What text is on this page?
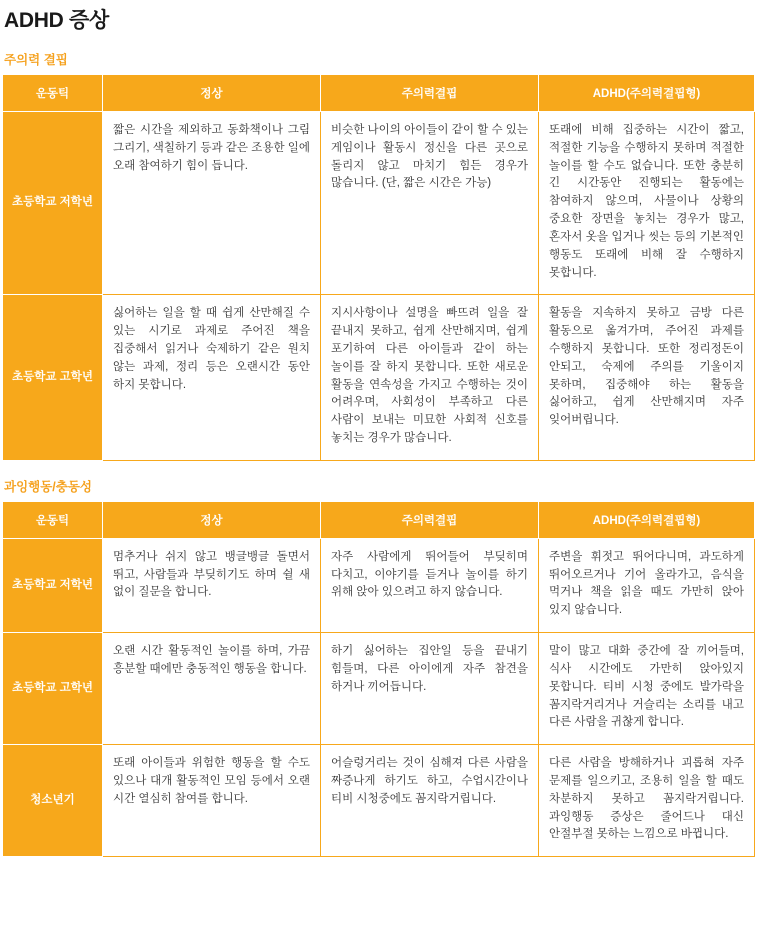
ADHD 증상
주의력 결핍
운동틱	정상	주의력결핍	ADHD(주의력결핍형)
초등학교 저학년	짧은 시간을 제외하고 동화책이나 그림 그리기, 색칠하기 등과 같은 조용한 일에 오래 참여하기 힘이 듭니다.	비슷한 나이의 아이들이 같이 할 수 있는 게임이나 활동시 정신을 다른 곳으로 돌리지 않고 마치기 힘든 경우가 많습니다. (단, 짧은 시간은 가능)	또래에 비해 집중하는 시간이 짧고, 적절한 기능을 수행하지 못하며 적절한 놀이를 할 수도 없습니다. 또한 충분히 긴 시간동안 진행되는 활동에는 참여하지 않으며, 사물이나 상황의 중요한 장면을 놓치는 경우가 많고, 혼자서 옷을 입거나 씻는 등의 기본적인 행동도 또래에 비해 잘 수행하지 못합니다.
초등학교 고학년	싫어하는 일을 할 때 쉽게 산만해질 수 있는 시기로 과제로 주어진 책을 집중해서 읽거나 숙제하기 같은 원치 않는 과제, 정리 등은 오랜시간 동안 하지 못합니다.	지시사항이나 설명을 빠뜨려 일을 잘 끝내지 못하고, 쉽게 산만해지며, 쉽게 포기하여 다른 아이들과 같이 하는 놀이를 잘 하지 못합니다. 또한 새로운 활동을 연속성을 가지고 수행하는 것이 어려우며, 사회성이 부족하고 다른 사람이 보내는 미묘한 사회적 신호를 놓치는 경우가 많습니다.	활동을 지속하지 못하고 금방 다른 활동으로 옮겨가며, 주어진 과제를 수행하지 못합니다. 또한 정리정돈이 안되고, 숙제에 주의를 기울이지 못하며, 집중해야 하는 활동을 싫어하고, 쉽게 산만해지며 자주 잊어버립니다.
과잉행동/충동성
운동틱	정상	주의력결핍	ADHD(주의력결핍형)
초등학교 저학년	멈추거나 쉬지 않고 뱅글뱅글 돌면서 뛰고, 사람들과 부딪히기도 하며 쉴 새 없이 질문을 합니다.	자주 사람에게 뛰어들어 부딪히며 다치고, 이야기를 듣거나 놀이를 하기 위해 앉아 있으려고 하지 않습니다.	주변을 휘젓고 뛰어다니며, 과도하게 뛰어오르거나 기어 올라가고, 음식을 먹거나 책을 읽을 때도 가만히 앉아 있지 않습니다.
초등학교 고학년	오랜 시간 활동적인 놀이를 하며, 가끔 흥분할 때에만 충동적인 행동을 합니다.	하기 싫어하는 집안일 등을 끝내기 힘들며, 다른 아이에게 자주 참견을 하거나 끼어듭니다.	말이 많고 대화 중간에 잘 끼어들며, 식사 시간에도 가만히 앉아있지 못합니다. 티비 시청 중에도 발가락을 꼼지락거리거나 거슬리는 소리를 내고 다른 사람을 귀찮게 합니다.
청소년기	또래 아이들과 위험한 행동을 할 수도 있으나 대개 활동적인 모임 등에서 오랜 시간 열심히 참여를 합니다.	어슬렁거리는 것이 심해져 다른 사람을 짜증나게 하기도 하고, 수업시간이나 티비 시청중에도 꼼지락거립니다.	다른 사람을 방해하거나 괴롭혀 자주 문제를 일으키고, 조용히 일을 할 때도 차분하지 못하고 꼼지락거립니다. 과잉행동 증상은 줄어드나 대신 안절부절 못하는 느낌으로 바뀝니다.
